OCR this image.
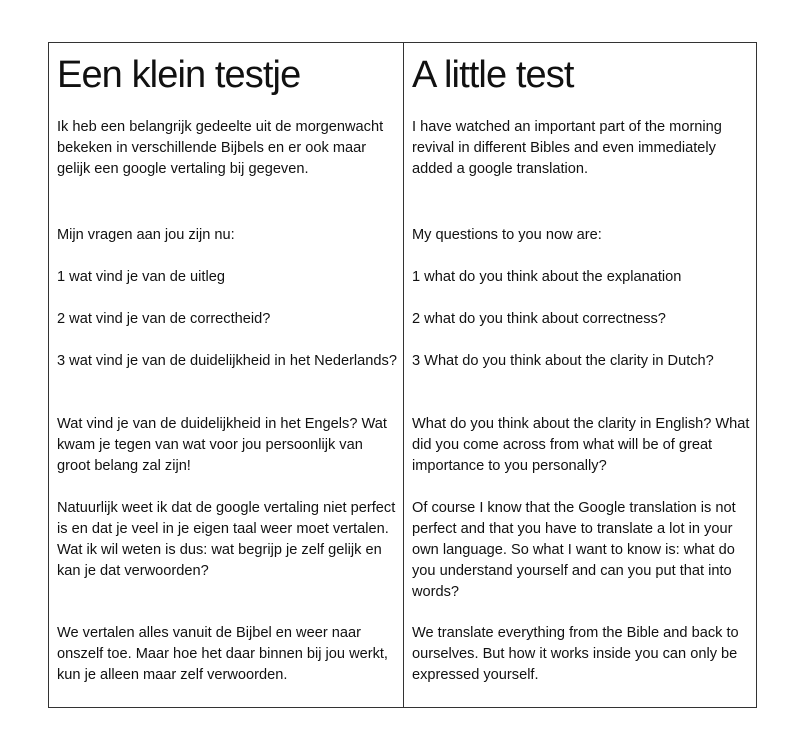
Een klein testje

Ik heb een belangrijk gedeelte uit de morgenwacht bekeken in verschillende Bijbels en er ook maar gelijk een google vertaling bij gegeven.

Mijn vragen aan jou zijn nu:

1 wat vind je van de uitleg

2 wat vind je van de correctheid?

3 wat vind je van de duidelijkheid in het Nederlands?

Wat vind je van de duidelijkheid in het Engels? Wat kwam je tegen van wat voor jou persoonlijk van groot belang zal zijn!

Natuurlijk weet ik dat de google vertaling niet perfect is en dat je veel in je eigen taal weer moet vertalen. Wat ik wil weten is dus: wat begrijp je zelf gelijk en kan je dat verwoorden?

We vertalen alles vanuit de Bijbel en weer naar onszelf toe. Maar hoe het daar binnen bij jou werkt, kun je alleen maar zelf verwoorden.

A little test

I have watched an important part of the morning revival in different Bibles and even immediately added a google translation.

My questions to you now are:

1 what do you think about the explanation

2 what do you think about correctness?

3 What do you think about the clarity in Dutch?

What do you think about the clarity in English? What did you come across from what will be of great importance to you personally?

Of course I know that the Google translation is not perfect and that you have to translate a lot in your own language. So what I want to know is: what do you understand yourself and can you put that into words?

We translate everything from the Bible and back to ourselves. But how it works inside you can only be expressed yourself.
